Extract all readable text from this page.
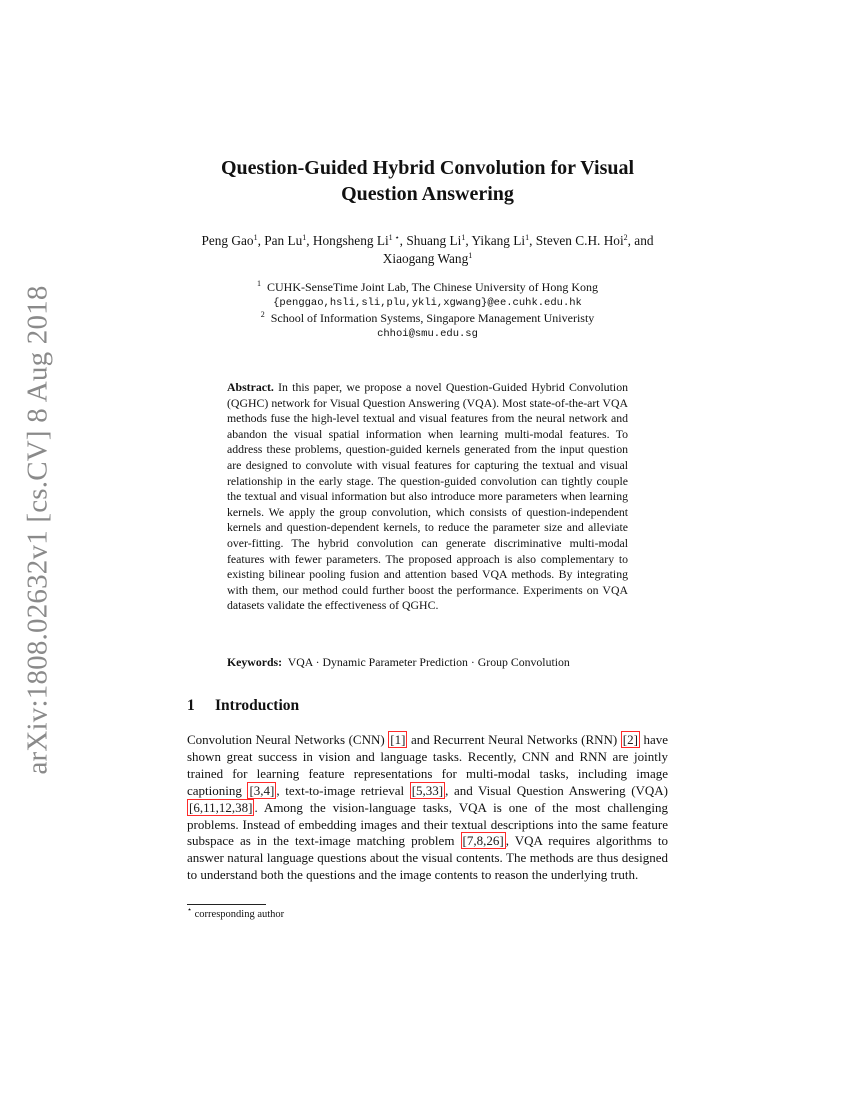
arXiv:1808.02632v1 [cs.CV] 8 Aug 2018
Question-Guided Hybrid Convolution for Visual
Question Answering
Peng Gao$^1$, Pan Lu$^1$, Hongsheng $Li^{1 ⋆}$, Shuang Li$^1$, Yikang Li$^1$, Steven C.H. Hoi$^2$, and Xiaogang Wang$^1$
$^1$ CUHK-SenseTime Joint Lab, The Chinese University of Hong Kong
{penggao,hsli,sli,plu,ykli,xgwang}@ee.cuhk.edu.hk
$^2$ School of Information Systems, Singapore Management Univeristy
chhoi@smu.edu.sg
Abstract. In this paper, we propose a novel Question-Guided Hybrid Convolution (QGHC) network for Visual Question Answering (VQA). Most state-of-the-art VQA methods fuse the high-level textual and visual features from the neural network and abandon the visual spatial information when learning multi-modal features. To address these problems, question-guided kernels generated from the input question are designed to convolute with visual features for capturing the textual and visual relationship in the early stage. The question-guided convolution can tightly couple the textual and visual information but also introduce more parameters when learning kernels. We apply the group convolution, which consists of question-independent kernels and question-dependent kernels, to reduce the parameter size and alleviate over-fitting. The hybrid convolution can generate discriminative multi-modal features with fewer parameters. The proposed approach is also complementary to existing bilinear pooling fusion and attention based VQA methods. By integrating with them, our method could further boost the performance. Experiments on VQA datasets validate the effectiveness of QGHC.
Keywords: VQA · Dynamic Parameter Prediction · Group Convolution
1 Introduction
Convolution Neural Networks (CNN) [1] and Recurrent Neural Networks (RNN) [2] have shown great success in vision and language tasks. Recently, CNN and RNN are jointly trained for learning feature representations for multi-modal tasks, including image captioning [3,4] , text-to-image retrieval [5,33] , and Visual Question Answering (VQA) [6,11,12,38] . Among the vision-language tasks, VQA is one of the most challenging problems. Instead of embedding images and their textual descriptions into the same feature subspace as in the text-image matching problem [7,8,26] , VQA requires algorithms to answer natural language questions about the visual contents. The methods are thus designed to understand both the questions and the image contents to reason the underlying truth.
⋆ corresponding author
